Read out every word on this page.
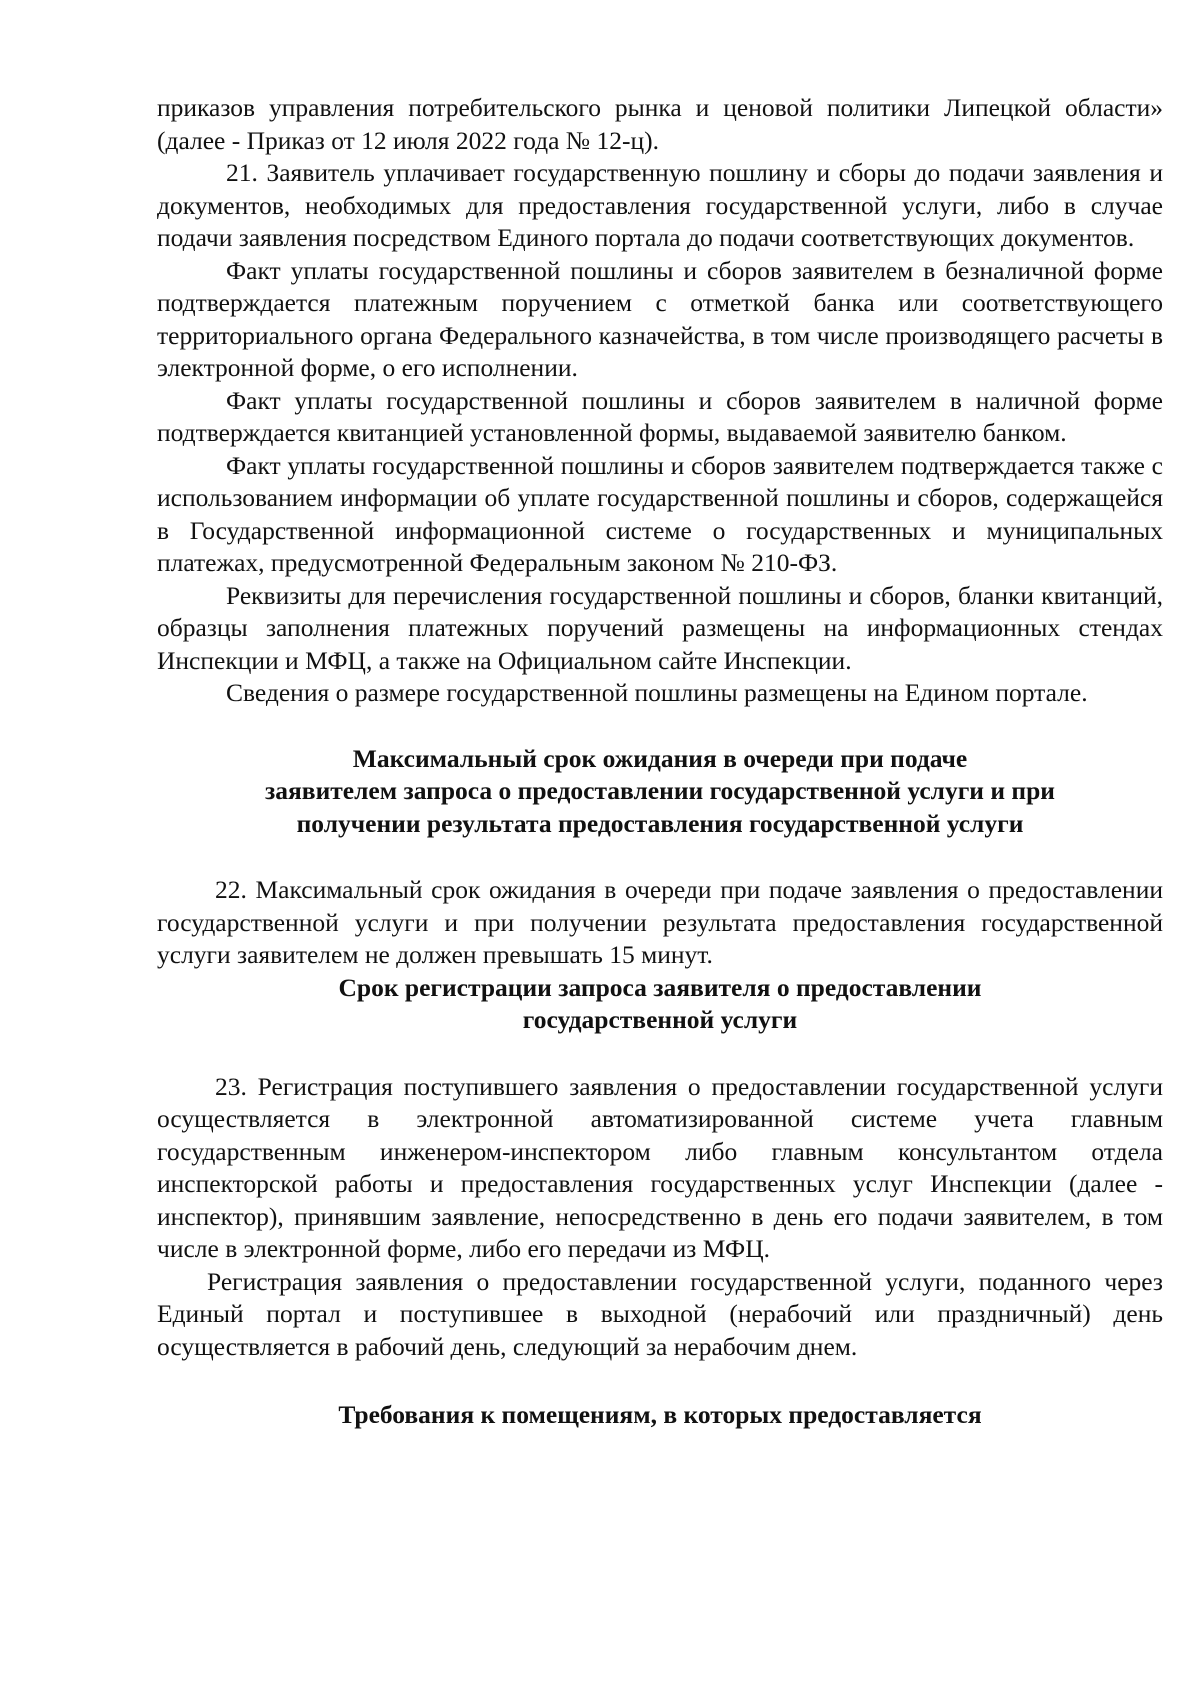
приказов управления потребительского рынка и ценовой политики Липецкой области» (далее - Приказ от 12 июля 2022 года № 12-ц).

21. Заявитель уплачивает государственную пошлину и сборы до подачи заявления и документов, необходимых для предоставления государственной услуги, либо в случае подачи заявления посредством Единого портала до подачи соответствующих документов.

Факт уплаты государственной пошлины и сборов заявителем в безналичной форме подтверждается платежным поручением с отметкой банка или соответствующего территориального органа Федерального казначейства, в том числе производящего расчеты в электронной форме, о его исполнении.

Факт уплаты государственной пошлины и сборов заявителем в наличной форме подтверждается квитанцией установленной формы, выдаваемой заявителю банком.

Факт уплаты государственной пошлины и сборов заявителем подтверждается также с использованием информации об уплате государственной пошлины и сборов, содержащейся в Государственной информационной системе о государственных и муниципальных платежах, предусмотренной Федеральным законом № 210-ФЗ.

Реквизиты для перечисления государственной пошлины и сборов, бланки квитанций, образцы заполнения платежных поручений размещены на информационных стендах Инспекции и МФЦ, а также на Официальном сайте Инспекции.

Сведения о размере государственной пошлины размещены на Едином портале.

Максимальный срок ожидания в очереди при подаче
заявителем запроса о предоставлении государственной услуги и при
получении результата предоставления государственной услуги

22. Максимальный срок ожидания в очереди при подаче заявления о предоставлении государственной услуги и при получении результата предоставления государственной услуги заявителем не должен превышать 15 минут.

Срок регистрации запроса заявителя о предоставлении
государственной услуги

23. Регистрация поступившего заявления о предоставлении государственной услуги осуществляется в электронной автоматизированной системе учета главным государственным инженером-инспектором либо главным консультантом отдела инспекторской работы и предоставления государственных услуг Инспекции (далее - инспектор), принявшим заявление, непосредственно в день его подачи заявителем, в том числе в электронной форме, либо его передачи из МФЦ.

Регистрация заявления о предоставлении государственной услуги, поданного через Единый портал и поступившее в выходной (нерабочий или праздничный) день осуществляется в рабочий день, следующий за нерабочим днем.

Требования к помещениям, в которых предоставляется
